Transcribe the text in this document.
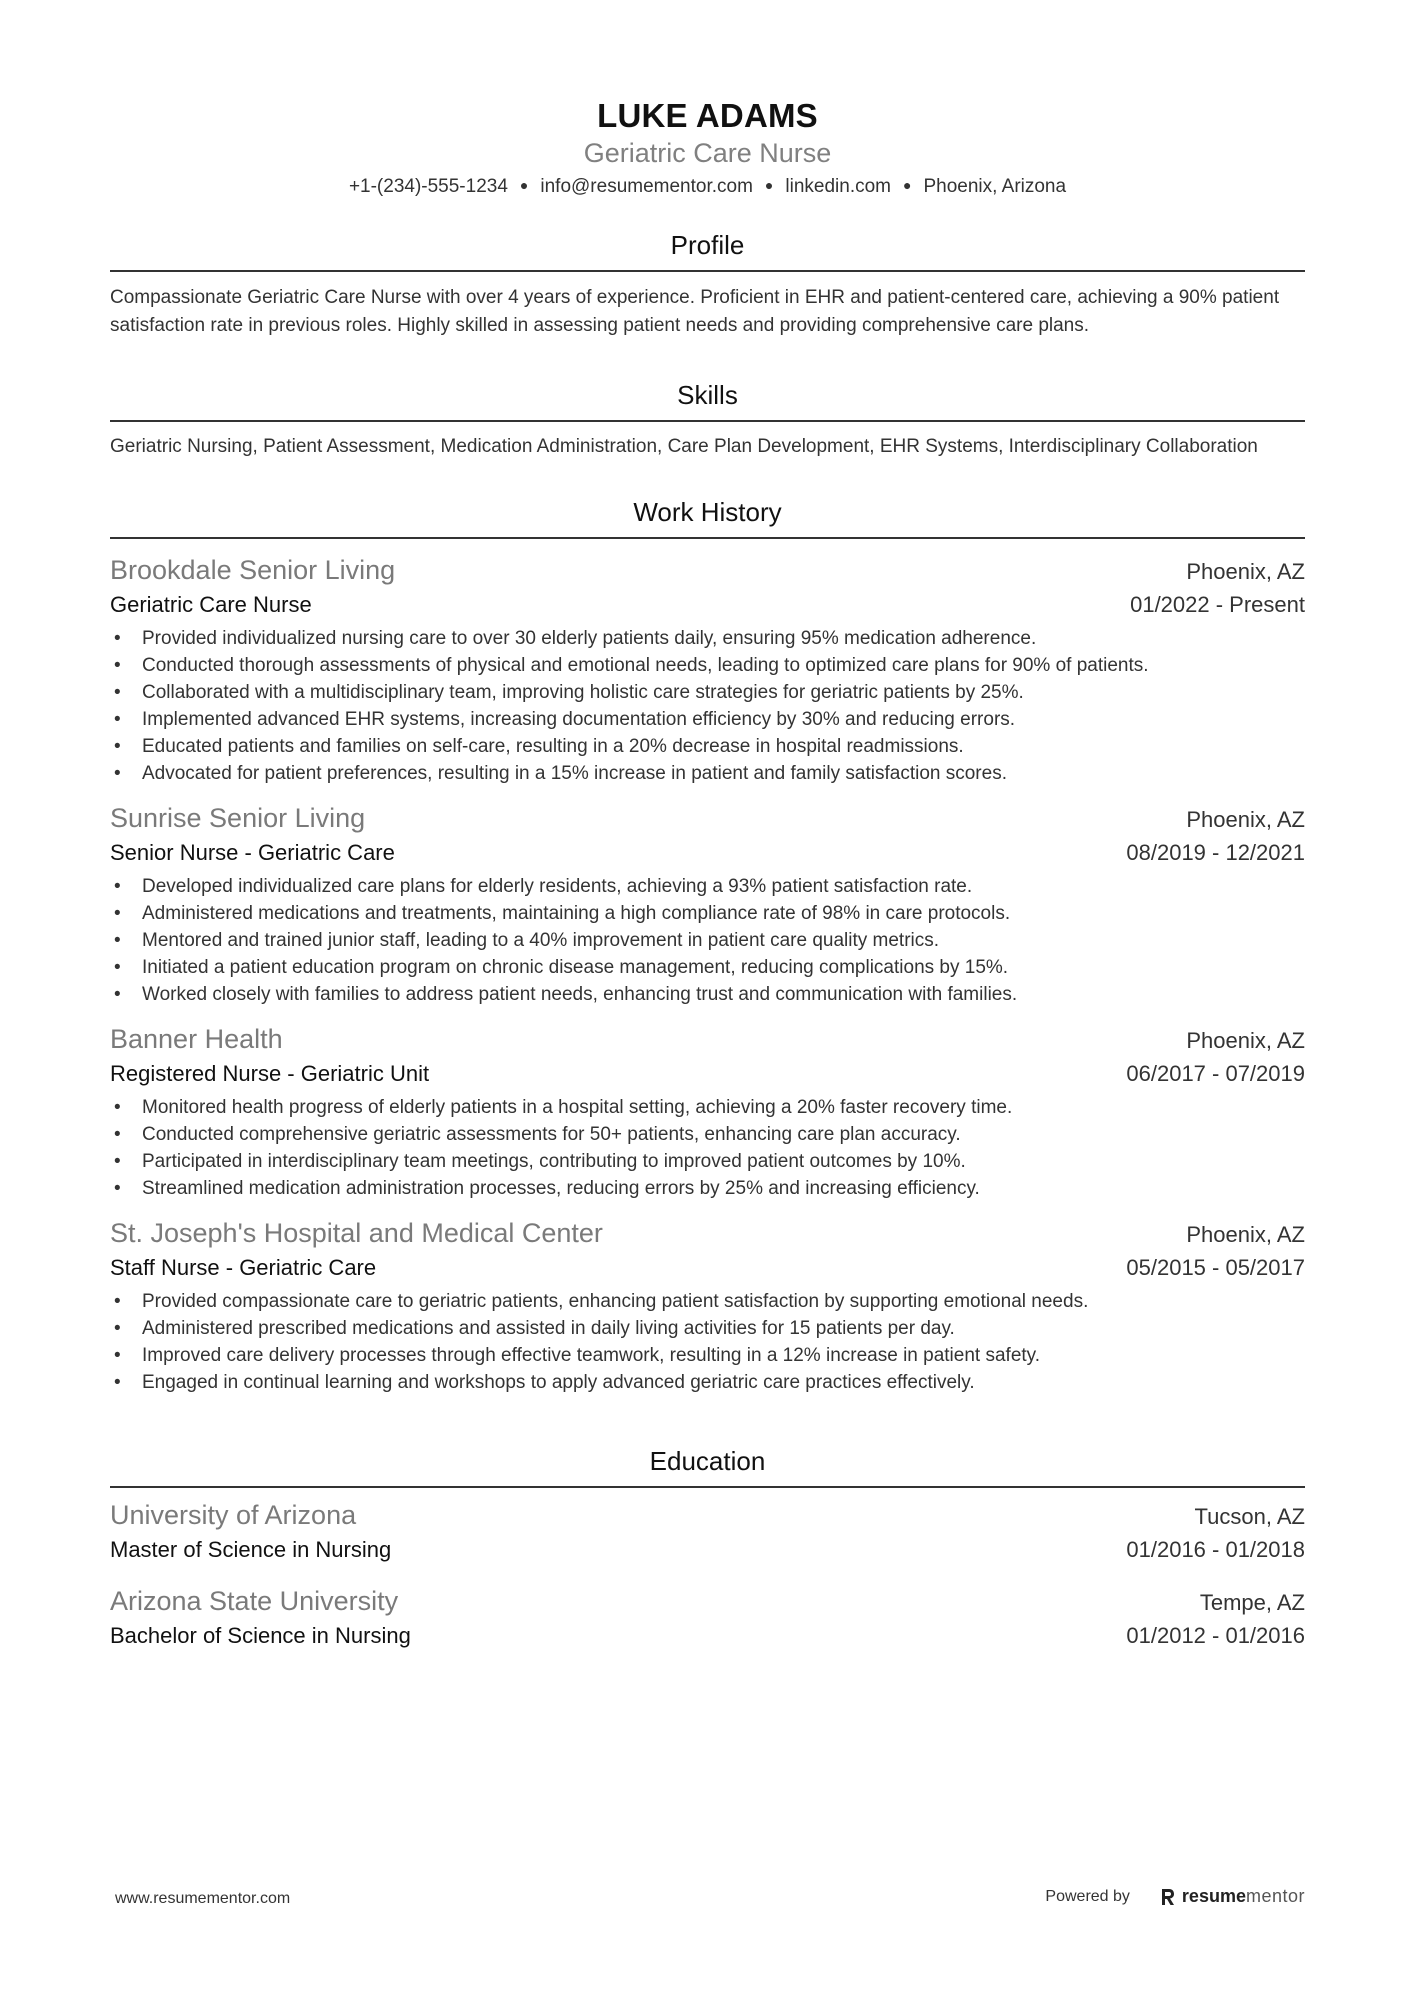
LUKE ADAMS
Geriatric Care Nurse
+1-(234)-555-1234 ● info@resumementor.com ● linkedin.com ● Phoenix, Arizona
Profile
Compassionate Geriatric Care Nurse with over 4 years of experience. Proficient in EHR and patient-centered care, achieving a 90% patient satisfaction rate in previous roles. Highly skilled in assessing patient needs and providing comprehensive care plans.
Skills
Geriatric Nursing, Patient Assessment, Medication Administration, Care Plan Development, EHR Systems, Interdisciplinary Collaboration
Work History
Brookdale Senior Living	Phoenix, AZ
Geriatric Care Nurse	01/2022 - Present
• Provided individualized nursing care to over 30 elderly patients daily, ensuring 95% medication adherence.
• Conducted thorough assessments of physical and emotional needs, leading to optimized care plans for 90% of patients.
• Collaborated with a multidisciplinary team, improving holistic care strategies for geriatric patients by 25%.
• Implemented advanced EHR systems, increasing documentation efficiency by 30% and reducing errors.
• Educated patients and families on self-care, resulting in a 20% decrease in hospital readmissions.
• Advocated for patient preferences, resulting in a 15% increase in patient and family satisfaction scores.
Sunrise Senior Living	Phoenix, AZ
Senior Nurse - Geriatric Care	08/2019 - 12/2021
• Developed individualized care plans for elderly residents, achieving a 93% patient satisfaction rate.
• Administered medications and treatments, maintaining a high compliance rate of 98% in care protocols.
• Mentored and trained junior staff, leading to a 40% improvement in patient care quality metrics.
• Initiated a patient education program on chronic disease management, reducing complications by 15%.
• Worked closely with families to address patient needs, enhancing trust and communication with families.
Banner Health	Phoenix, AZ
Registered Nurse - Geriatric Unit	06/2017 - 07/2019
• Monitored health progress of elderly patients in a hospital setting, achieving a 20% faster recovery time.
• Conducted comprehensive geriatric assessments for 50+ patients, enhancing care plan accuracy.
• Participated in interdisciplinary team meetings, contributing to improved patient outcomes by 10%.
• Streamlined medication administration processes, reducing errors by 25% and increasing efficiency.
St. Joseph's Hospital and Medical Center	Phoenix, AZ
Staff Nurse - Geriatric Care	05/2015 - 05/2017
• Provided compassionate care to geriatric patients, enhancing patient satisfaction by supporting emotional needs.
• Administered prescribed medications and assisted in daily living activities for 15 patients per day.
• Improved care delivery processes through effective teamwork, resulting in a 12% increase in patient safety.
• Engaged in continual learning and workshops to apply advanced geriatric care practices effectively.
Education
University of Arizona	Tucson, AZ
Master of Science in Nursing	01/2016 - 01/2018
Arizona State University	Tempe, AZ
Bachelor of Science in Nursing	01/2012 - 01/2016
www.resumementor.com	Powered by	resume mentor
